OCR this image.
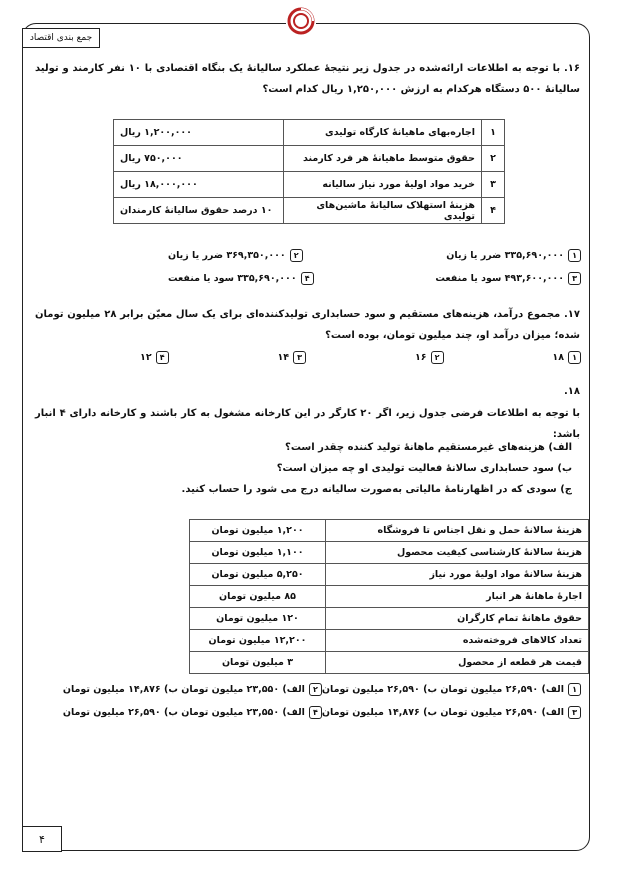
جمع بندی اقتصاد
۱۶. با توجه به اطلاعات ارائه‌شده در جدول زیر نتیجهٔ عملکرد سالیانهٔ یک بنگاه اقتصادی با ۱۰ نفر کارمند و تولید سالیانهٔ ۵۰۰ دستگاه هرکدام به ارزش ۱,۲۵۰,۰۰۰ ریال کدام است؟
۱	اجاره‌بهای ماهیانهٔ کارگاه تولیدی	۱,۲۰۰,۰۰۰ ریال
۲	حقوق متوسط ماهیانهٔ هر فرد کارمند	۷۵۰,۰۰۰ ریال
۳	خرید مواد اولیهٔ مورد نیاز سالیانه	۱۸,۰۰۰,۰۰۰ ریال
۴	هزینهٔ استهلاک سالیانهٔ ماشین‌های تولیدی	۱۰ درصد حقوق سالیانهٔ کارمندان
۱
۳۳۵,۶۹۰,۰۰۰ ضرر یا زیان
۲
۳۶۹,۳۵۰,۰۰۰ ضرر یا زیان
۳
۴۹۳,۶۰۰,۰۰۰ سود یا منفعت
۴
۳۳۵,۶۹۰,۰۰۰ سود یا منفعت
۱۷. مجموع درآمد، هزینه‌های مستقیم و سود حسابداری تولیدکننده‌ای برای یک سال معیّن برابر ۲۸ میلیون تومان شده؛ میزان درآمد او، چند میلیون تومان، بوده است؟
۱
۱۸
۲
۱۶
۳
۱۴
۴
۱۲
۱۸.
با توجه به اطلاعات فرضی جدول زیر، اگر ۲۰ کارگر در این کارخانه مشغول به کار باشند و کارخانه دارای ۴ انبار باشد:
الف) هزینه‌های غیرمستقیم ماهانهٔ تولید کننده چقدر است؟
ب) سود حسابداری سالانهٔ فعالیت تولیدی او چه میزان است؟
ج) سودی که در اظهارنامهٔ مالیاتی به‌صورت سالیانه درج می شود را حساب کنید.
هزینهٔ سالانهٔ حمل و نقل اجناس تا فروشگاه	۱,۲۰۰ میلیون تومان
هزینهٔ سالانهٔ کارشناسی کیفیت محصول	۱,۱۰۰ میلیون تومان
هزینهٔ سالانهٔ مواد اولیهٔ مورد نیاز	۵,۲۵۰ میلیون تومان
اجارهٔ ماهانهٔ هر انبار	۸۵ میلیون تومان
حقوق ماهانهٔ تمام کارگران	۱۲۰ میلیون تومان
تعداد کالاهای فروخته‌شده	۱۲,۲۰۰ میلیون تومان
قیمت هر قطعه از محصول	۳ میلیون تومان
۱
الف) ۲۶,۵۹۰ میلیون تومان ب) ۲۶,۵۹۰ میلیون تومان
۲
الف) ۲۳,۵۵۰ میلیون تومان ب) ۱۴,۸۷۶ میلیون تومان
۳
الف) ۲۶,۵۹۰ میلیون تومان ب) ۱۴,۸۷۶ میلیون تومان
۴
الف) ۲۳,۵۵۰ میلیون تومان ب) ۲۶,۵۹۰ میلیون تومان
۴
